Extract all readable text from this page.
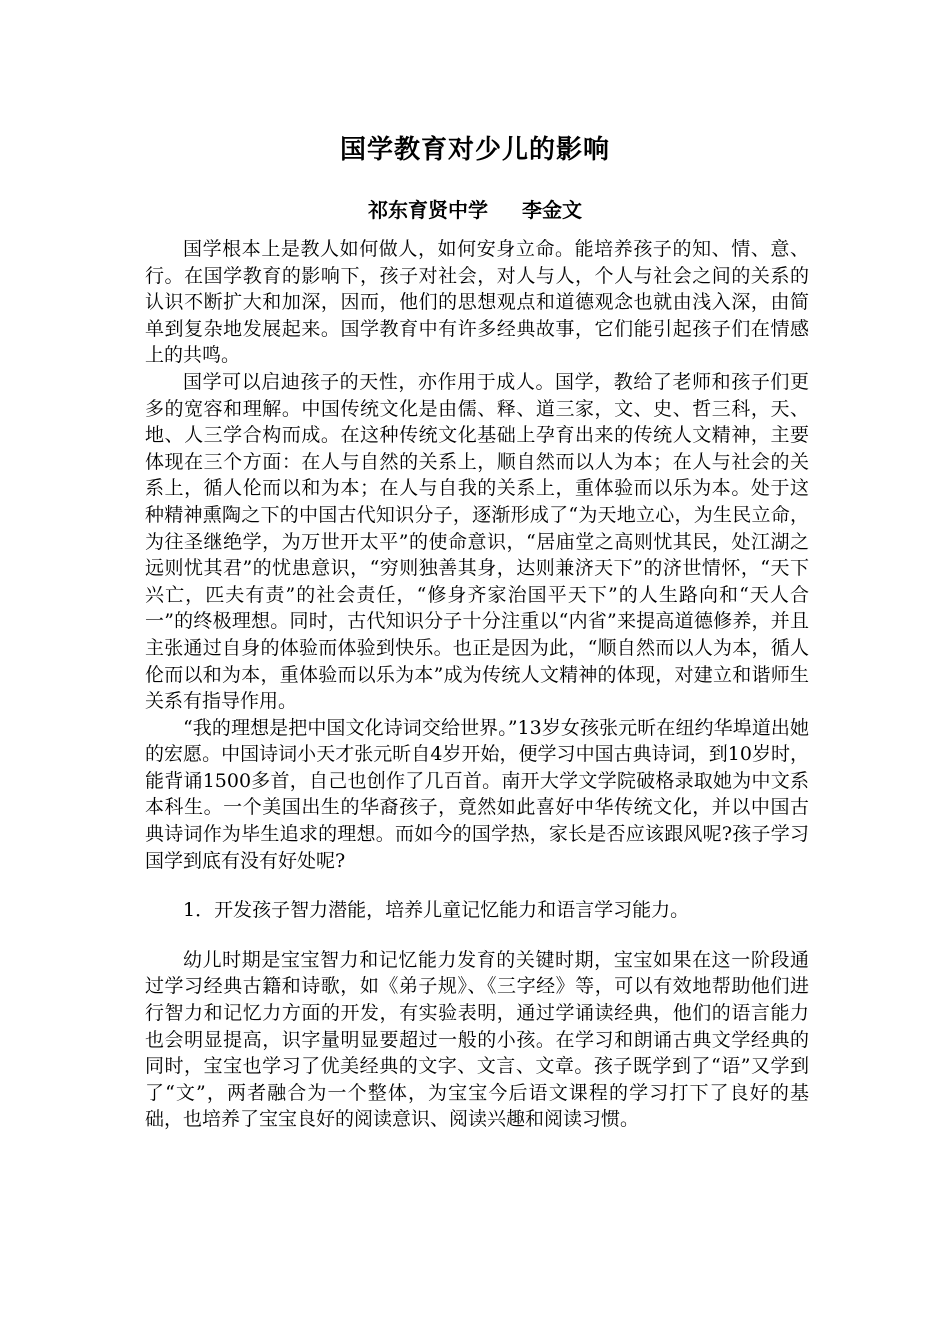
国学教育对少儿的影响
祁东育贤中学 李金文

国学根本上是教人如何做人，如何安身立命。能培养孩子的知、情、意、行。在国学教育的影响下，孩子对社会，对人与人，个人与社会之间的关系的认识不断扩大和加深，因而，他们的思想观点和道德观念也就由浅入深，由简单到复杂地发展起来。国学教育中有许多经典故事，它们能引起孩子们在情感上的共鸣。

国学可以启迪孩子的天性，亦作用于成人。国学，教给了老师和孩子们更多的宽容和理解。中国传统文化是由儒、释、道三家，文、史、哲三科，天、地、人三学合构而成。在这种传统文化基础上孕育出来的传统人文精神，主要体现在三个方面：在人与自然的关系上，顺自然而以人为本；在人与社会的关系上，循人伦而以和为本；在人与自我的关系上，重体验而以乐为本。处于这种精神熏陶之下的中国古代知识分子，逐渐形成了“为天地立心，为生民立命，为往圣继绝学，为万世开太平”的使命意识，“居庙堂之高则忧其民，处江湖之远则忧其君”的忧患意识，“穷则独善其身，达则兼济天下”的济世情怀，“天下兴亡，匹夫有责”的社会责任，“修身齐家治国平天下”的人生路向和“天人合一”的终极理想。同时，古代知识分子十分注重以“内省”来提高道德修养，并且主张通过自身的体验而体验到快乐。也正是因为此，“顺自然而以人为本，循人伦而以和为本，重体验而以乐为本”成为传统人文精神的体现，对建立和谐师生关系有指导作用。

“我的理想是把中国文化诗词交给世界。”13岁女孩张元昕在纽约华埠道出她的宏愿。中国诗词小天才张元昕自4岁开始，便学习中国古典诗词，到10岁时，能背诵1500多首，自己也创作了几百首。南开大学文学院破格录取她为中文系本科生。一个美国出生的华裔孩子，竟然如此喜好中华传统文化，并以中国古典诗词作为毕生追求的理想。而如今的国学热，家长是否应该跟风呢?孩子学习国学到底有没有好处呢?

1．开发孩子智力潜能，培养儿童记忆能力和语言学习能力。

幼儿时期是宝宝智力和记忆能力发育的关键时期，宝宝如果在这一阶段通过学习经典古籍和诗歌，如《弟子规》、《三字经》等，可以有效地帮助他们进行智力和记忆力方面的开发，有实验表明，通过学诵读经典，他们的语言能力也会明显提高，识字量明显要超过一般的小孩。在学习和朗诵古典文学经典的同时，宝宝也学习了优美经典的文字、文言、文章。孩子既学到了“语”又学到了“文”，两者融合为一个整体，为宝宝今后语文课程的学习打下了良好的基础，也培养了宝宝良好的阅读意识、阅读兴趣和阅读习惯。
